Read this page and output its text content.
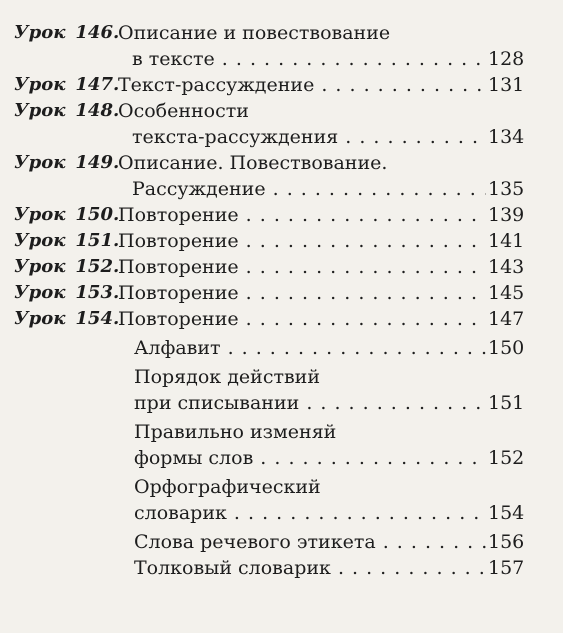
Урок 146.
Описание и повествование
в тексте . . .	128
Урок 147.
Текст-рассуждение . . .	131
Урок 148.
Особенности
текста-рассуждения . . .	134
Урок 149.
Описание. Повествование.
Рассуждение . . .	135
Урок 150.
Повторение . . .	139
Урок 151.
Повторение . . .	141
Урок 152.
Повторение . . .	143
Урок 153.
Повторение . . .	145
Урок 154.
Повторение . . .	147
Алфавит . . .	150
Порядок действий
при списывании . . .	151
Правильно изменяй
формы слов . . .	152
Орфографический
словарик . . .	154
Слова речевого этикета . . .	156
Толковый словарик . . .	157
